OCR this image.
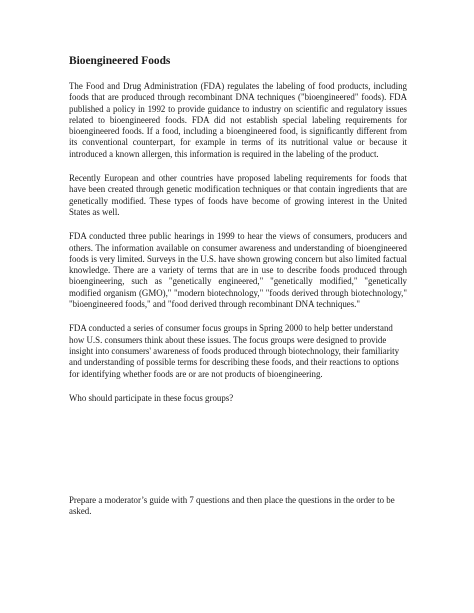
Bioengineered Foods

The Food and Drug Administration (FDA) regulates the labeling of food products, including foods that are produced through recombinant DNA techniques ("bioengineered" foods). FDA published a policy in 1992 to provide guidance to industry on scientific and regulatory issues related to bioengineered foods. FDA did not establish special labeling requirements for bioengineered foods. If a food, including a bioengineered food, is significantly different from its conventional counterpart, for example in terms of its nutritional value or because it introduced a known allergen, this information is required in the labeling of the product.

Recently European and other countries have proposed labeling requirements for foods that have been created through genetic modification techniques or that contain ingredients that are genetically modified. These types of foods have become of growing interest in the United States as well.

FDA conducted three public hearings in 1999 to hear the views of consumers, producers and others. The information available on consumer awareness and understanding of bioengineered foods is very limited. Surveys in the U.S. have shown growing concern but also limited factual knowledge. There are a variety of terms that are in use to describe foods produced through bioengineering, such as "genetically engineered," "genetically modified," "genetically modified organism (GMO)," "modern biotechnology," "foods derived through biotechnology," "bioengineered foods," and "food derived through recombinant DNA techniques."

FDA conducted a series of consumer focus groups in Spring 2000 to help better understand how U.S. consumers think about these issues. The focus groups were designed to provide insight into consumers' awareness of foods produced through biotechnology, their familiarity and understanding of possible terms for describing these foods, and their reactions to options for identifying whether foods are or are not products of bioengineering.

Who should participate in these focus groups?

Prepare a moderator’s guide with 7 questions and then place the questions in the order to be asked.
